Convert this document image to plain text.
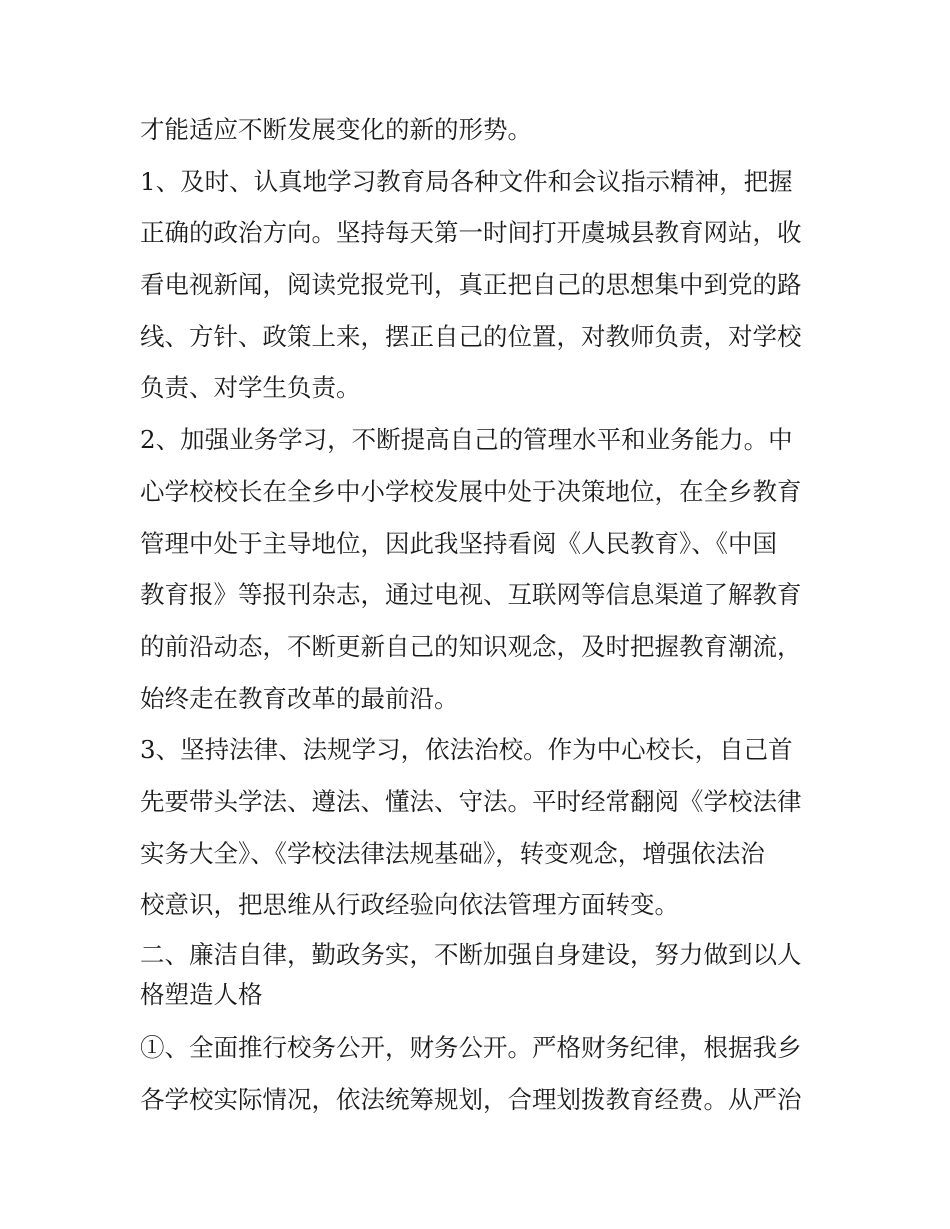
才能适应不断发展变化的新的形势。

1、及时、认真地学习教育局各种文件和会议指示精神，把握
正确的政治方向。坚持每天第一时间打开虞城县教育网站，收
看电视新闻，阅读党报党刊，真正把自己的思想集中到党的路
线、方针、政策上来，摆正自己的位置，对教师负责，对学校
负责、对学生负责。

2、加强业务学习，不断提高自己的管理水平和业务能力。中
心学校校长在全乡中小学校发展中处于决策地位，在全乡教育
管理中处于主导地位，因此我坚持看阅《人民教育》、《中国
教育报》等报刊杂志，通过电视、互联网等信息渠道了解教育
的前沿动态，不断更新自己的知识观念，及时把握教育潮流，
始终走在教育改革的最前沿。

3、坚持法律、法规学习，依法治校。作为中心校长，自己首
先要带头学法、遵法、懂法、守法。平时经常翻阅《学校法律
实务大全》、《学校法律法规基础》，转变观念，增强依法治
校意识，把思维从行政经验向依法管理方面转变。

二、廉洁自律，勤政务实，不断加强自身建设，努力做到以人
格塑造人格

①、全面推行校务公开，财务公开。严格财务纪律，根据我乡
各学校实际情况，依法统筹规划，合理划拨教育经费。从严治
